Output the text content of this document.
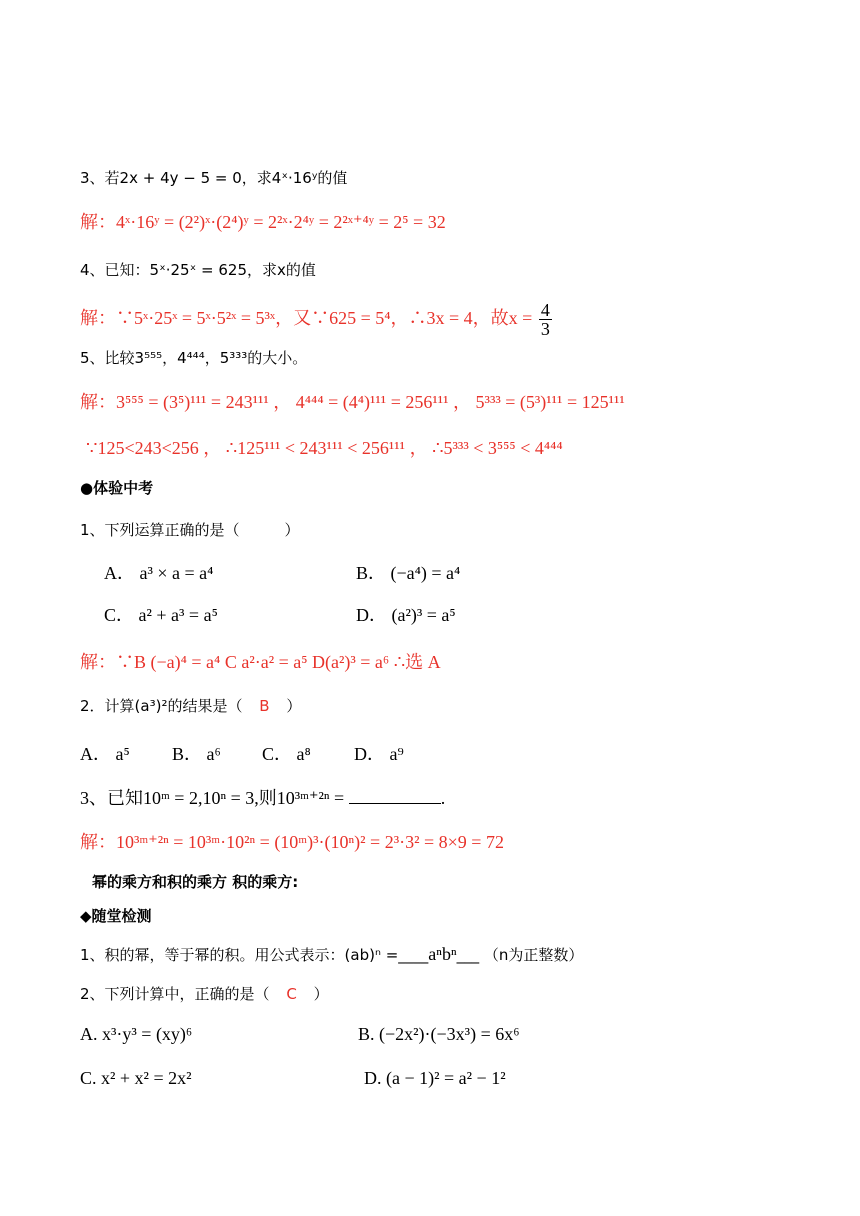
3、若2x + 4y − 5 = 0，求4ˣ·16ʸ的值
解：4ˣ·16ʸ = (2²)ˣ·(2⁴)ʸ = 2²ˣ·2⁴ʸ = 2²ˣ⁺⁴ʸ = 2⁵ = 32
4、已知：5ˣ·25ˣ = 625，求x的值
解：∵5ˣ·25ˣ = 5ˣ·5²ˣ = 5³ˣ，又∵625 = 5⁴，∴3x = 4，故$x = \frac{4}{3}$
5、比较3⁵⁵⁵，4⁴⁴⁴，5³³³的大小。
解：3⁵⁵⁵ = (3⁵)¹¹¹ = 243¹¹¹ ， 4⁴⁴⁴ = (4⁴)¹¹¹ = 256¹¹¹ ， 5³³³ = (5³)¹¹¹ = 125¹¹¹
∵125<243<256 ， ∴125¹¹¹ < 243¹¹¹ < 256¹¹¹ ， ∴5³³³ < 3⁵⁵⁵ < 4⁴⁴⁴
●体验中考
1、下列运算正确的是（　　　）
A． a³ × a = a⁴	B． (−a⁴) = a⁴
C． a² + a³ = a⁵	D． (a²)³ = a⁵
解：∵B (−a)⁴ = a⁴ C a²·a² = a⁵ D(a²)³ = a⁶ ∴选 A
2．计算(a³)²的结果是（ B ）
A． a⁵ B． a⁶ C． a⁸ D． a⁹
3、已知10ᵐ = 2,10ⁿ = 3,则10³ᵐ⁺²ⁿ =	.
解：10³ᵐ⁺²ⁿ = 10³ᵐ·10²ⁿ = (10ᵐ)³·(10ⁿ)² = 2³·3² = 8×9 = 72
幂的乘方和积的乘方 积的乘方:
◆随堂检测
1、积的幂，等于幂的积。用公式表示：(ab)ⁿ =____aⁿbⁿ___ （n为正整数）
2、下列计算中，正确的是（ C ）
A. x³·y³ = (xy)⁶	B. (−2x²)·(−3x³) = 6x⁶
C. x² + x² = 2x²	D. (a − 1)² = a² − 1²
